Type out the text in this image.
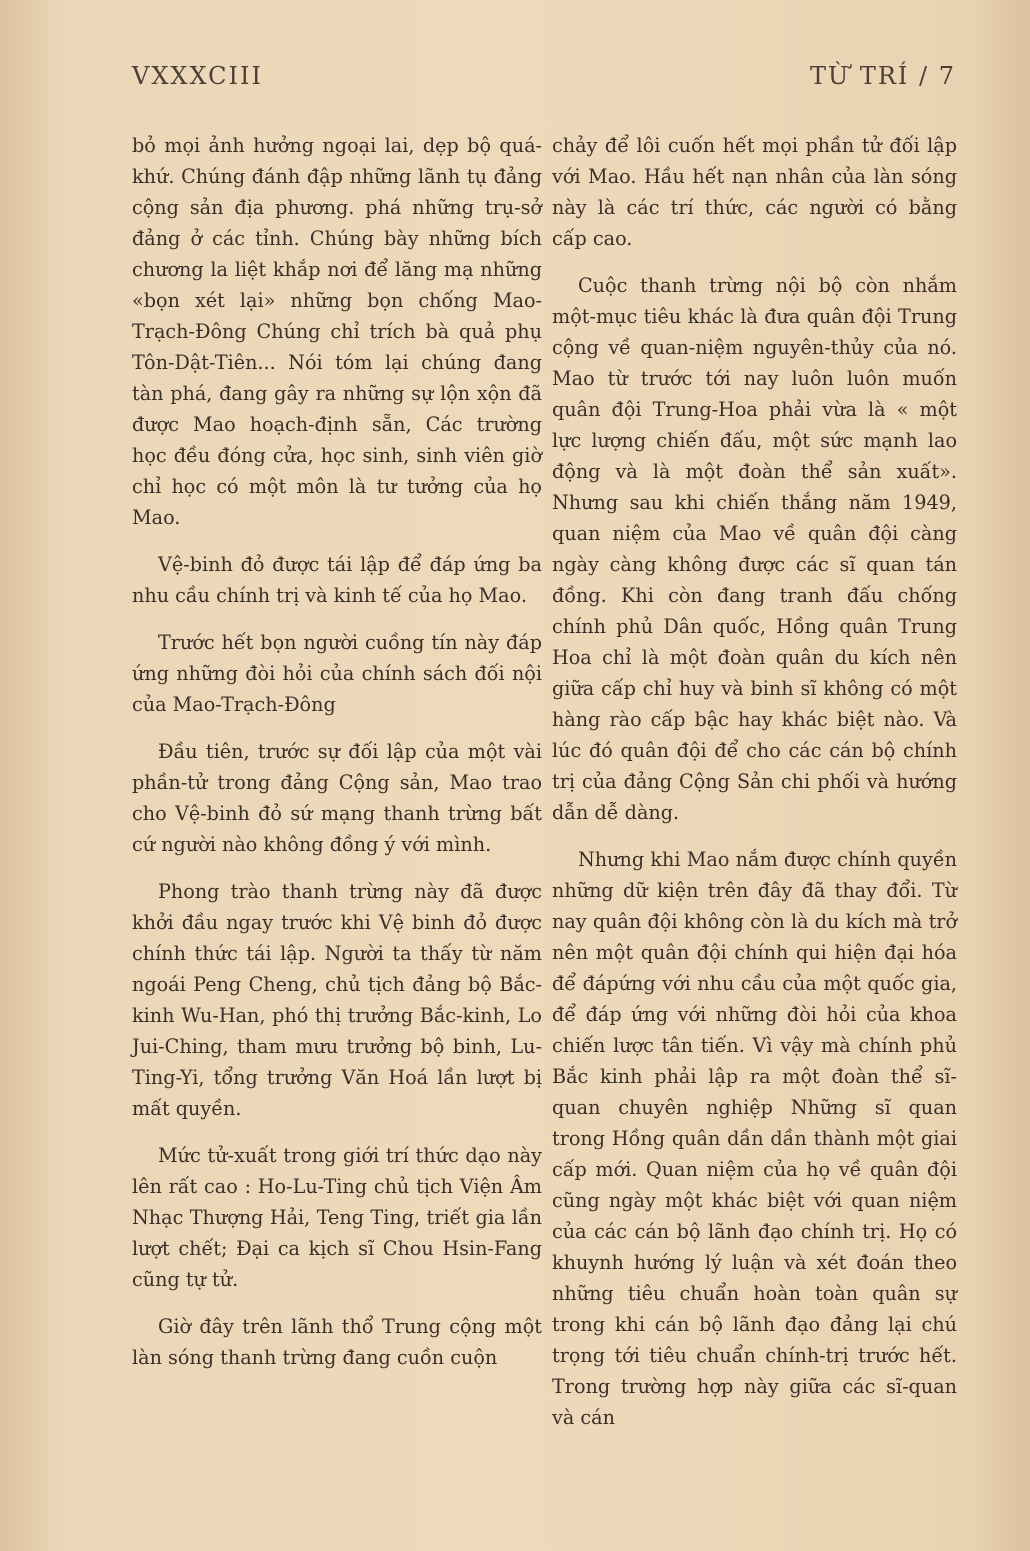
VXXXCIII	TỪ TRÍ / 7

bỏ mọi ảnh hưởng ngoại lai, dẹp bộ quá-khứ. Chúng đánh đập những lãnh tụ đảng cộng sản địa phương. phá những trụ-sở đảng ở các tỉnh. Chúng bày những bích chương la liệt khắp nơi để lăng mạ những «bọn xét lại» những bọn chống Mao-Trạch-Đông Chúng chỉ trích bà quả phụ Tôn-Dật-Tiên... Nói tóm lại chúng đang tàn phá, đang gây ra những sự lộn xộn đã được Mao hoạch-định sẵn, Các trường học đều đóng cửa, học sinh, sinh viên giờ chỉ học có một môn là tư tưởng của họ Mao.

Vệ-binh đỏ được tái lập để đáp ứng ba nhu cầu chính trị và kinh tế của họ Mao.

Trước hết bọn người cuồng tín này đáp ứng những đòi hỏi của chính sách đối nội của Mao-Trạch-Đông

Đầu tiên, trước sự đối lập của một vài phần-tử trong đảng Cộng sản, Mao trao cho Vệ-binh đỏ sứ mạng thanh trừng bất cứ người nào không đồng ý với mình.

Phong trào thanh trừng này đã được khởi đầu ngay trước khi Vệ binh đỏ được chính thức tái lập. Người ta thấy từ năm ngoái Peng Cheng, chủ tịch đảng bộ Bắc-kinh Wu-Han, phó thị trưởng Bắc-kinh, Lo Jui-Ching, tham mưu trưởng bộ binh, Lu-Ting-Yi, tổng trưởng Văn Hoá lần lượt bị mất quyền.

Mức tử-xuất trong giới trí thức dạo này lên rất cao : Ho-Lu-Ting chủ tịch Viện Âm Nhạc Thượng Hải, Teng Ting, triết gia lần lượt chết; Đại ca kịch sĩ Chou Hsin-Fang cũng tự tử.

Giờ đây trên lãnh thổ Trung cộng một làn sóng thanh trừng đang cuồn cuộn

chảy để lôi cuốn hết mọi phần tử đối lập với Mao. Hầu hết nạn nhân của làn sóng này là các trí thức, các người có bằng cấp cao.

Cuộc thanh trừng nội bộ còn nhắm một-mục tiêu khác là đưa quân đội Trung cộng về quan-niệm nguyên-thủy của nó. Mao từ trước tới nay luôn luôn muốn quân đội Trung-Hoa phải vừa là « một lực lượng chiến đấu, một sức mạnh lao động và là một đoàn thể sản xuất». Nhưng sau khi chiến thắng năm 1949, quan niệm của Mao về quân đội càng ngày càng không được các sĩ quan tán đồng. Khi còn đang tranh đấu chống chính phủ Dân quốc, Hồng quân Trung Hoa chỉ là một đoàn quân du kích nên giữa cấp chỉ huy và binh sĩ không có một hàng rào cấp bậc hay khác biệt nào. Và lúc đó quân đội để cho các cán bộ chính trị của đảng Cộng Sản chi phối và hướng dẫn dễ dàng.

Nhưng khi Mao nắm được chính quyền những dữ kiện trên đây đã thay đổi. Từ nay quân đội không còn là du kích mà trở nên một quân đội chính qui hiện đại hóa để đápứng với nhu cầu của một quốc gia, để đáp ứng với những đòi hỏi của khoa chiến lược tân tiến. Vì vậy mà chính phủ Bắc kinh phải lập ra một đoàn thể sĩ-quan chuyên nghiệp Những sĩ quan trong Hồng quân dần dần thành một giai cấp mới. Quan niệm của họ về quân đội cũng ngày một khác biệt với quan niệm của các cán bộ lãnh đạo chính trị. Họ có khuynh hướng lý luận và xét đoán theo những tiêu chuẩn hoàn toàn quân sự trong khi cán bộ lãnh đạo đảng lại chú trọng tới tiêu chuẩn chính-trị trước hết. Trong trường hợp này giữa các sĩ-quan và cán
